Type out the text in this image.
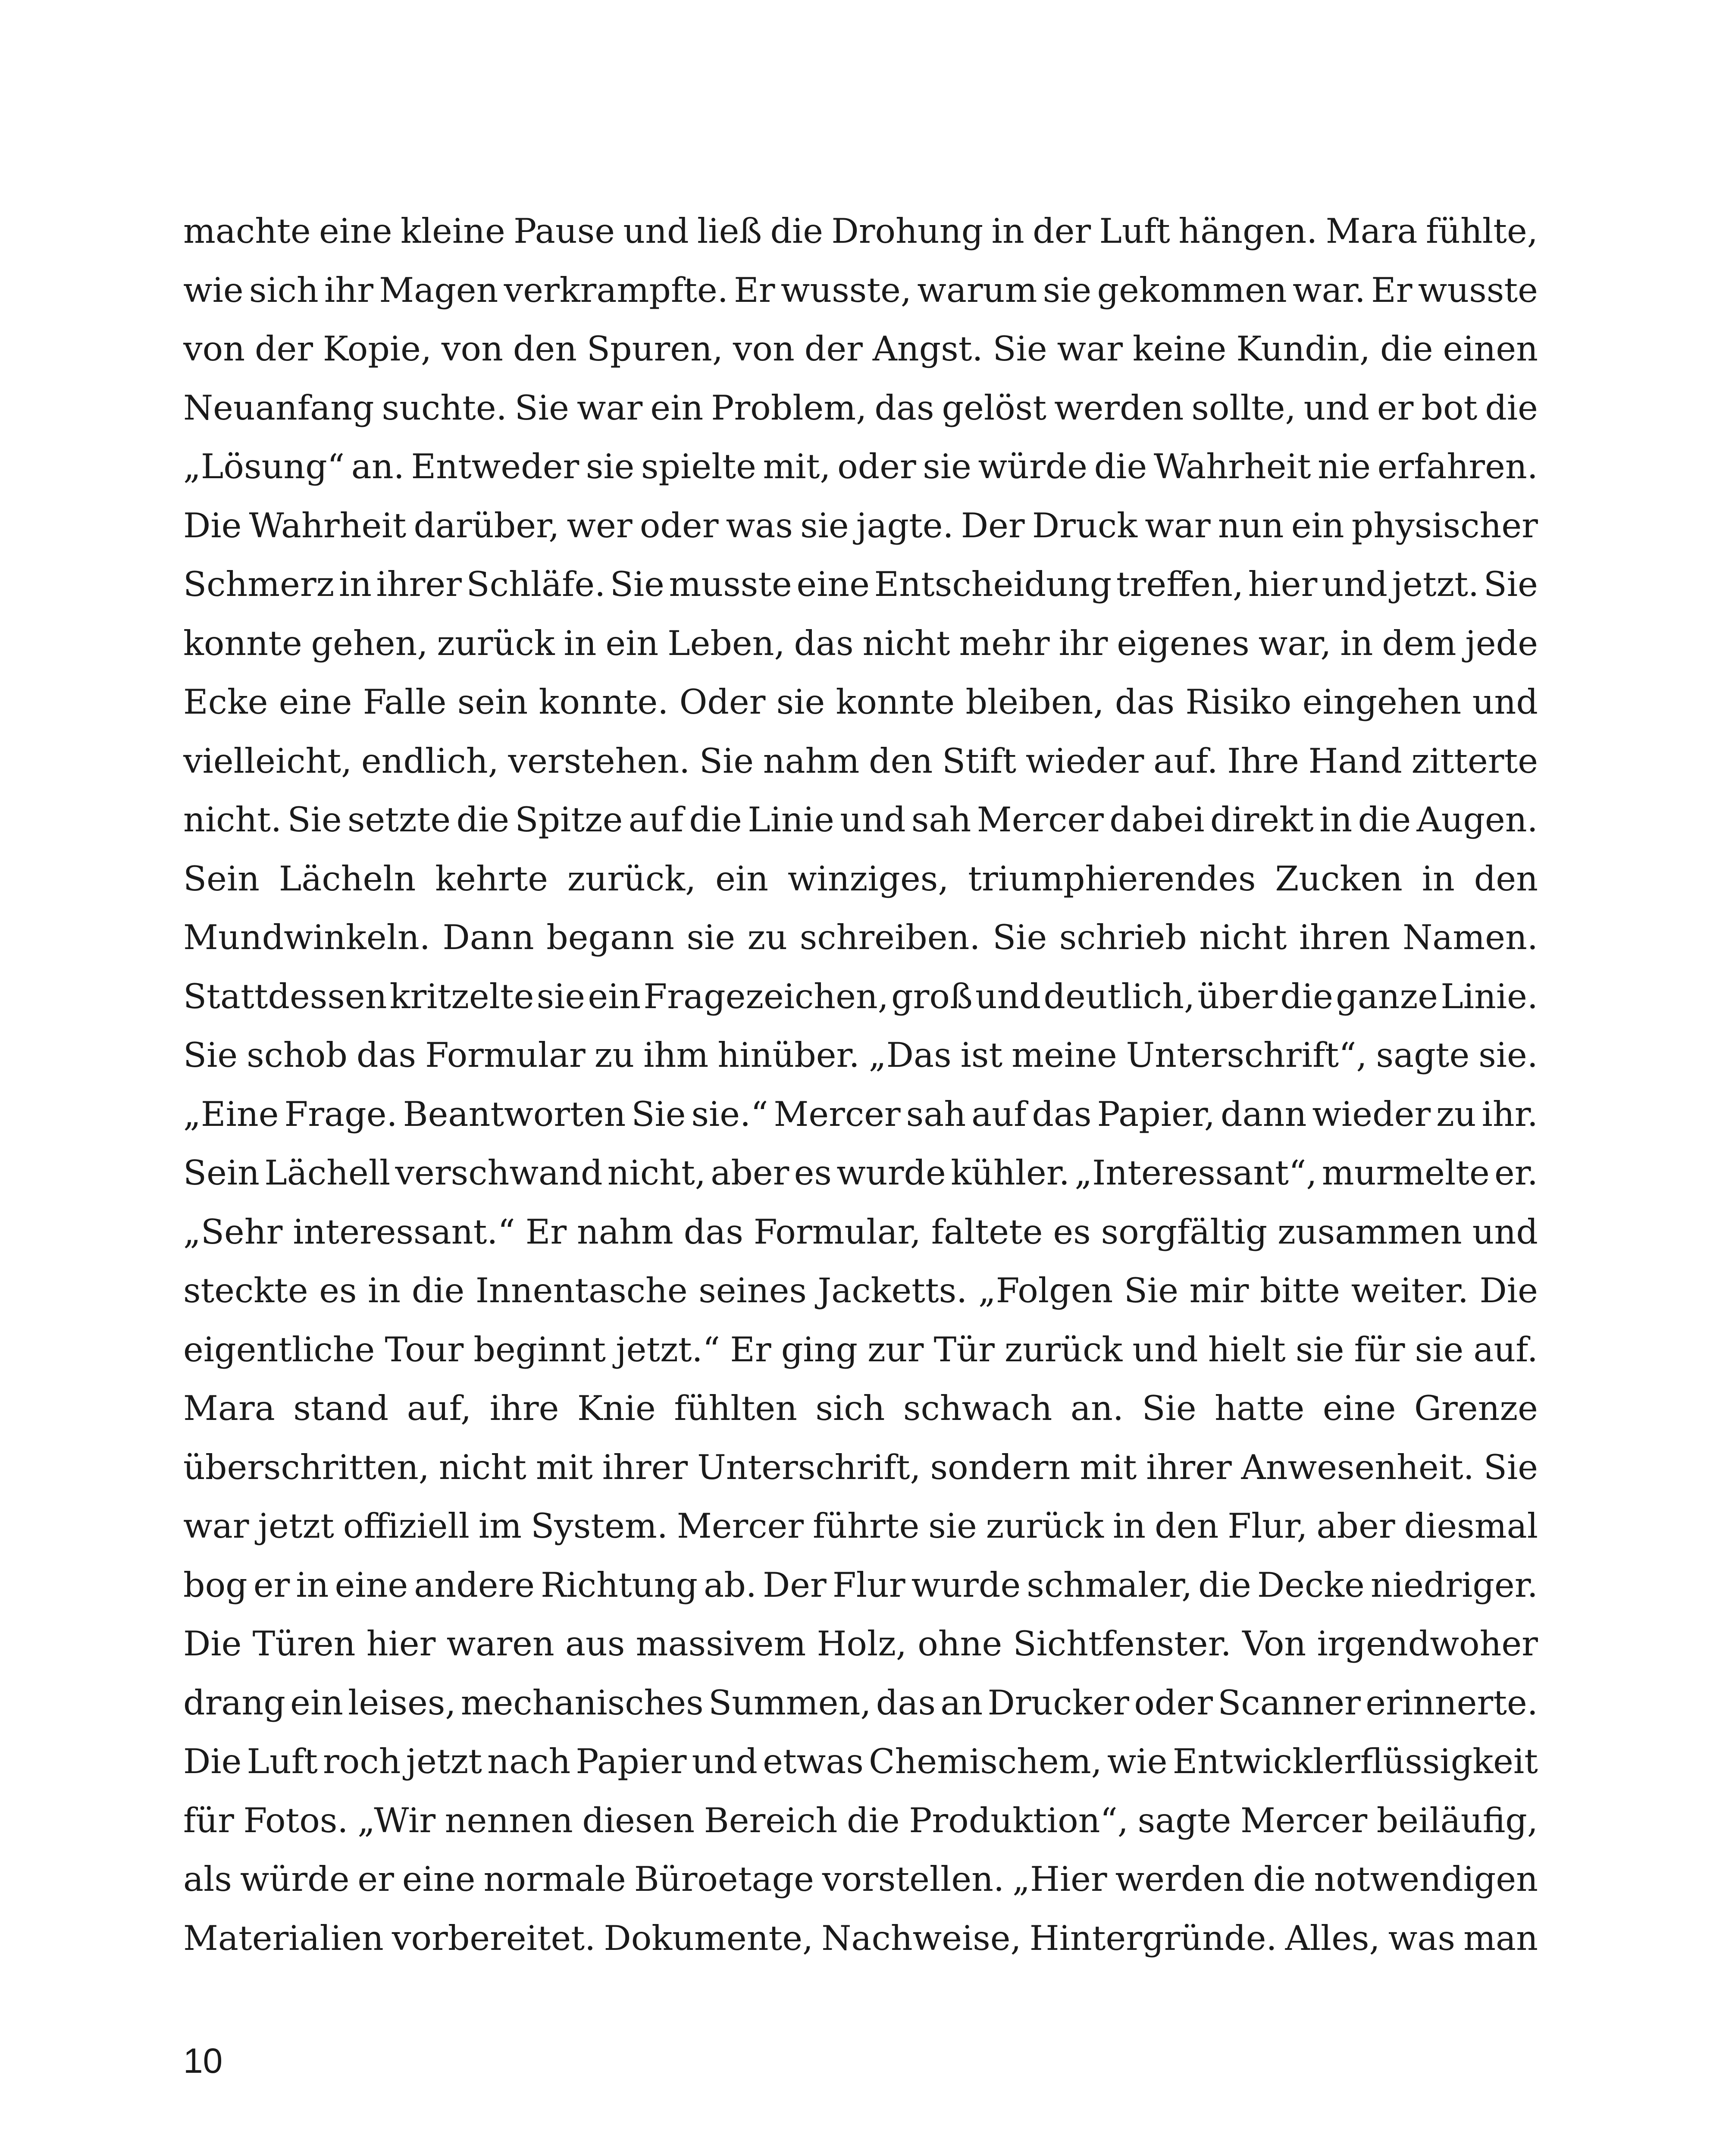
machte eine kleine Pause und ließ die Drohung in der Luft hängen. Mara fühlte,
wie sich ihr Magen verkrampfte. Er wusste, warum sie gekommen war. Er wusste
von der Kopie, von den Spuren, von der Angst. Sie war keine Kundin, die einen
Neuanfang suchte. Sie war ein Problem, das gelöst werden sollte, und er bot die
„Lösung“ an. Entweder sie spielte mit, oder sie würde die Wahrheit nie erfahren.
Die Wahrheit darüber, wer oder was sie jagte. Der Druck war nun ein physischer
Schmerz in ihrer Schläfe. Sie musste eine Entscheidung treffen, hier und jetzt. Sie
konnte gehen, zurück in ein Leben, das nicht mehr ihr eigenes war, in dem jede
Ecke eine Falle sein konnte. Oder sie konnte bleiben, das Risiko eingehen und
vielleicht, endlich, verstehen. Sie nahm den Stift wieder auf. Ihre Hand zitterte
nicht. Sie setzte die Spitze auf die Linie und sah Mercer dabei direkt in die Augen.
Sein Lächeln kehrte zurück, ein winziges, triumphierendes Zucken in den
Mundwinkeln. Dann begann sie zu schreiben. Sie schrieb nicht ihren Namen.
Stattdessen kritzelte sie ein Fragezeichen, groß und deutlich, über die ganze Linie.
Sie schob das Formular zu ihm hinüber. „Das ist meine Unterschrift“, sagte sie.
„Eine Frage. Beantworten Sie sie.“ Mercer sah auf das Papier, dann wieder zu ihr.
Sein Lächell verschwand nicht, aber es wurde kühler. „Interessant“, murmelte er.
„Sehr interessant.“ Er nahm das Formular, faltete es sorgfältig zusammen und
steckte es in die Innentasche seines Jacketts. „Folgen Sie mir bitte weiter. Die
eigentliche Tour beginnt jetzt.“ Er ging zur Tür zurück und hielt sie für sie auf.
Mara stand auf, ihre Knie fühlten sich schwach an. Sie hatte eine Grenze
überschritten, nicht mit ihrer Unterschrift, sondern mit ihrer Anwesenheit. Sie
war jetzt offiziell im System. Mercer führte sie zurück in den Flur, aber diesmal
bog er in eine andere Richtung ab. Der Flur wurde schmaler, die Decke niedriger.
Die Türen hier waren aus massivem Holz, ohne Sichtfenster. Von irgendwoher
drang ein leises, mechanisches Summen, das an Drucker oder Scanner erinnerte.
Die Luft roch jetzt nach Papier und etwas Chemischem, wie Entwicklerflüssigkeit
für Fotos. „Wir nennen diesen Bereich die Produktion“, sagte Mercer beiläufig,
als würde er eine normale Büroetage vorstellen. „Hier werden die notwendigen
Materialien vorbereitet. Dokumente, Nachweise, Hintergründe. Alles, was man
10
